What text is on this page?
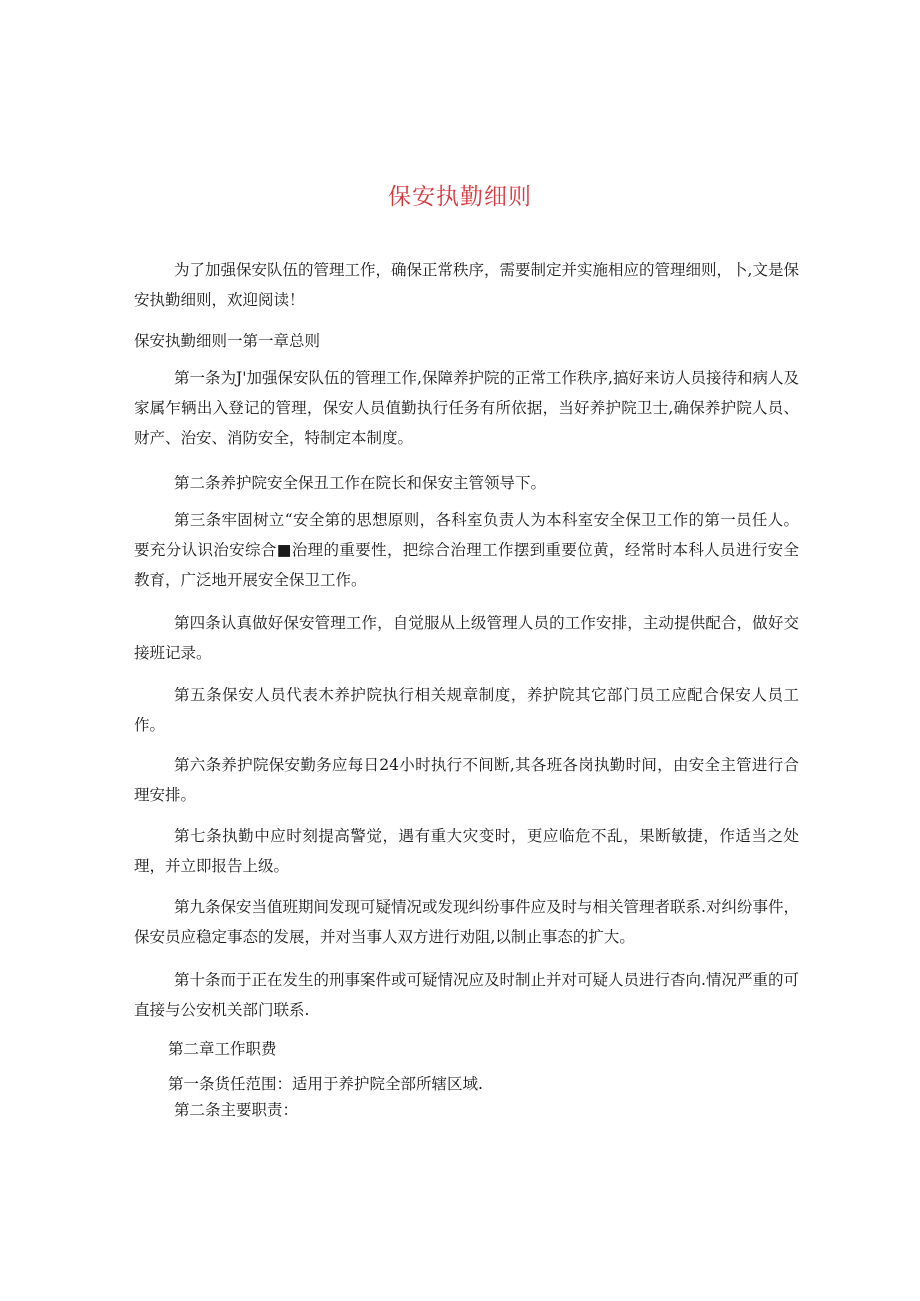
保安执勤细则

为了加强保安队伍的管理工作，确保正常秩序，需要制定并实施相应的管理细则，卜,文是保安执勤细则，欢迎阅读！

保安执勤细则一第一章总则

第一条为J'加强保安队伍的管理工作,保障养护院的正常工作秩序,搞好来访人员接待和病人及家属乍辆出入登记的管理，保安人员值勤执行任务有所依据，当好养护院卫士,确保养护院人员、财产、治安、消防安全，特制定本制度。

第二条养护院安全保丑工作在院长和保安主管领导下。

第三条牢固树立“安全第的思想原则，各科室负责人为本科室安全保卫工作的第一员任人。要充分认识治安综合■治理的重要性，把综合治理工作摆到重要位黄，经常时本科人员进行安全教育，广泛地开展安全保卫工作。

第四条认真做好保安管理工作，自觉服从上级管理人员的工作安排，主动提供配合，做好交接班记录。

第五条保安人员代表木养护院执行相关规章制度，养护院其它部门员工应配合保安人员工作。

第六条养护院保安勤务应每日24小时执行不间断,其各班各岗执勤时间，由安全主管进行合理安排。

第七条执勤中应时刻提高警觉，遇有重大灾变时，更应临危不乱，果断敏捷，作适当之处理，并立即报告上级。

第九条保安当值班期间发现可疑情况或发现纠纷事件应及时与相关管理者联系.对纠纷事件，保安员应稳定事态的发展，并对当事人双方进行劝阻,以制止事态的扩大。

第十条而于正在发生的刑事案件或可疑情况应及时制止并对可疑人员进行杳向.情况严重的可直接与公安机关部门联系.

第二章工作职费

第一条货任范围：适用于养护院全部所辖区域.

第二条主要职责：
